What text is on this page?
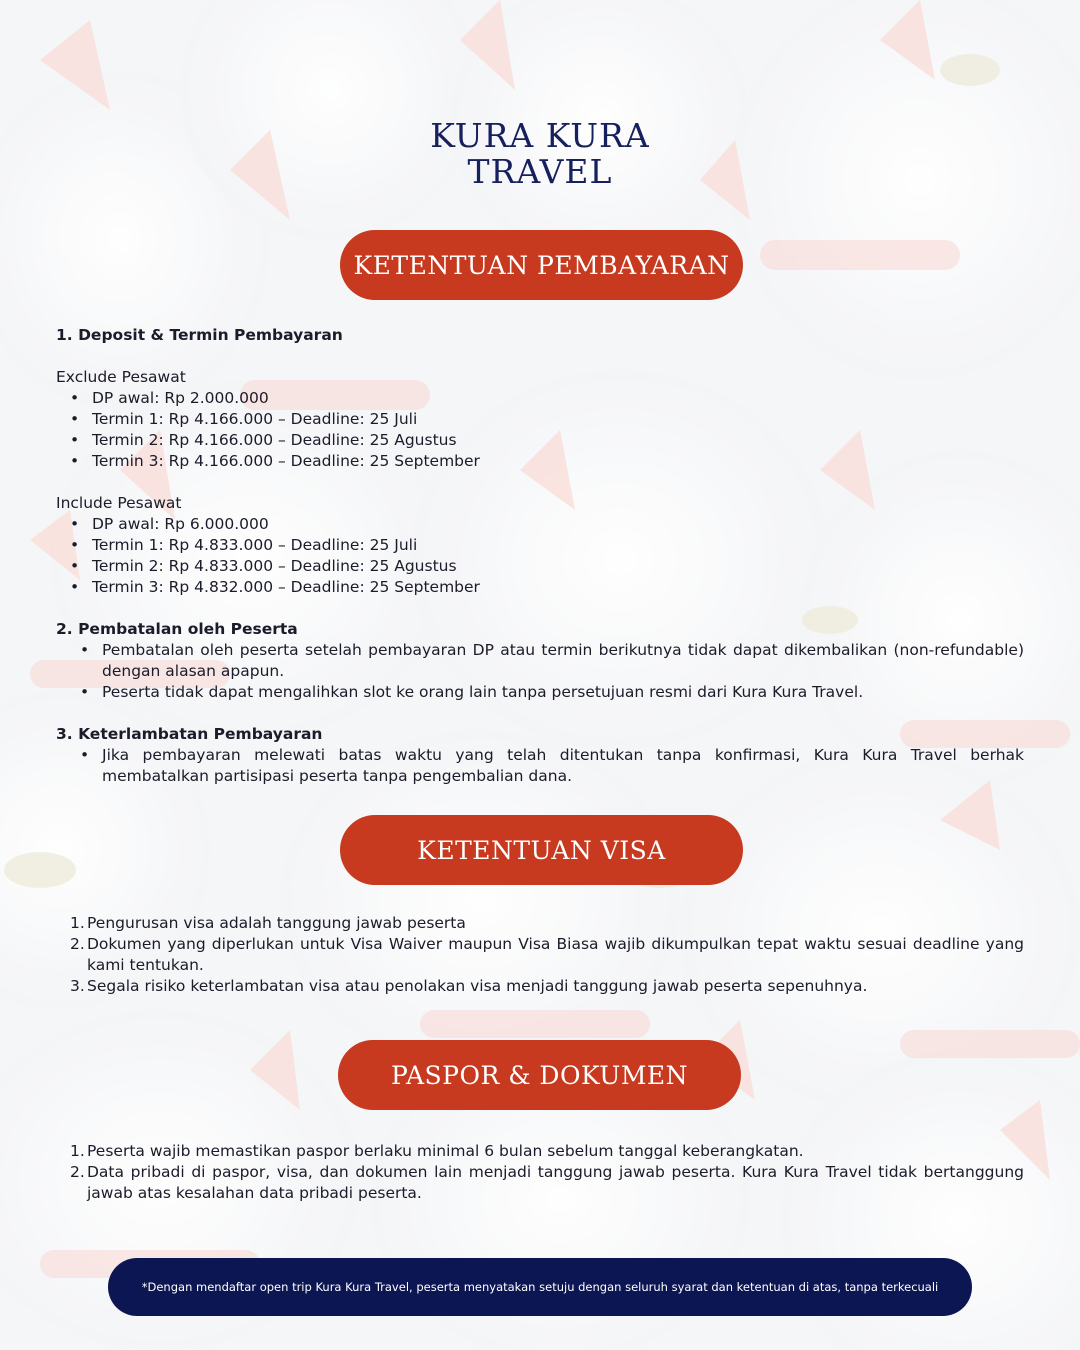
KURA KURA
TRAVEL
KETENTUAN PEMBAYARAN
1. Deposit & Termin Pembayaran
Exclude Pesawat
• DP awal: Rp 2.000.000
• Termin 1: Rp 4.166.000 – Deadline: 25 Juli
• Termin 2: Rp 4.166.000 – Deadline: 25 Agustus
• Termin 3: Rp 4.166.000 – Deadline: 25 September
Include Pesawat
• DP awal: Rp 6.000.000
• Termin 1: Rp 4.833.000 – Deadline: 25 Juli
• Termin 2: Rp 4.833.000 – Deadline: 25 Agustus
• Termin 3: Rp 4.832.000 – Deadline: 25 September
2. Pembatalan oleh Peserta
• Pembatalan oleh peserta setelah pembayaran DP atau termin berikutnya tidak dapat dikembalikan (non-refundable) dengan alasan apapun.
• Peserta tidak dapat mengalihkan slot ke orang lain tanpa persetujuan resmi dari Kura Kura Travel.
3. Keterlambatan Pembayaran
• Jika pembayaran melewati batas waktu yang telah ditentukan tanpa konfirmasi, Kura Kura Travel berhak membatalkan partisipasi peserta tanpa pengembalian dana.
KETENTUAN VISA
1. Pengurusan visa adalah tanggung jawab peserta
2. Dokumen yang diperlukan untuk Visa Waiver maupun Visa Biasa wajib dikumpulkan tepat waktu sesuai deadline yang kami tentukan.
3. Segala risiko keterlambatan visa atau penolakan visa menjadi tanggung jawab peserta sepenuhnya.
PASPOR & DOKUMEN
1. Peserta wajib memastikan paspor berlaku minimal 6 bulan sebelum tanggal keberangkatan.
2. Data pribadi di paspor, visa, dan dokumen lain menjadi tanggung jawab peserta. Kura Kura Travel tidak bertanggung jawab atas kesalahan data pribadi peserta.
*Dengan mendaftar open trip Kura Kura Travel, peserta menyatakan setuju dengan seluruh syarat dan ketentuan di atas, tanpa terkecuali
